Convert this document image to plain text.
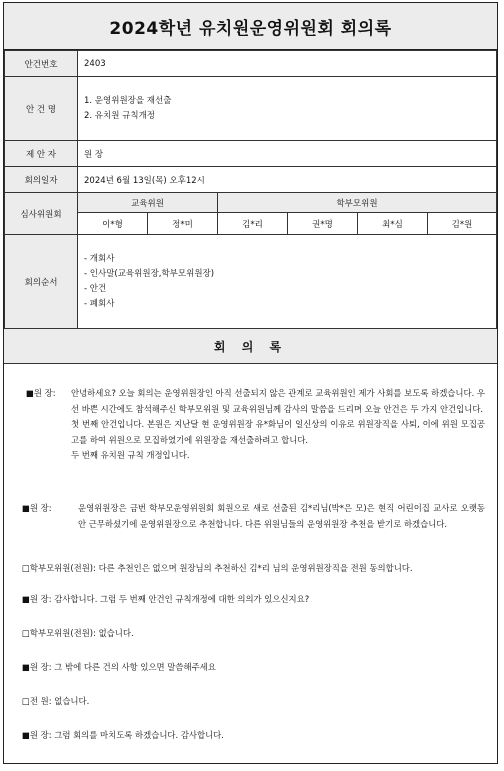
2024학년 유치원운영위원회 회의록
안건번호	2403					
안 건 명	1. 운영위원장을 재선출
2. 유치원 규칙개정					

제 안 자	원 장					
회의일자	2024년 6월 13일(목) 오후12시					
심사위원회	교육위원		학부모위원			
	이*형	정*미	김*리	권*명	최*심	김*원
회의순서	- 개회사
- 인사말(교육위원장,학부모위원장)
- 안건
- 폐회사					
회 의 록
■원 장: 안녕하세요? 오늘 회의는 운영위원장인 아직 선출되지 않은 관계로 교육위원인 제가 사회를 보도록 하겠습니다. 우선 바쁜 시간에도 참석해주신 학부모위원 및 교육위원님께 감사의 말씀을 드리며 오늘 안건은 두 가지 안건입니다.
첫 번째 안건입니다. 본원은 지난달 현 운영위원장 유*화님이 일신상의 이유로 위원장직을 사퇴, 이에 위원 모집공고를 하여 위원으로 모집하였기에 위원장을 재선출하려고 합니다.
두 번째 유치원 규칙 개정입니다.
■원 장:	운영위원장은 금번 학부모운영위원회 회원으로 새로 선출된 김*리님(박*은 모)은 현직 어린이집 교사로 오랫동안 근무하셨기에 운영위원장으로 추천합니다. 다른 위원님들의 운영위원장 추천을 받기로 하겠습니다.
□학부모위원(전원): 다른 추천인은 없으며 원장님의 추천하신 김*리 님의 운영위원장직을 전원 동의합니다.
■원 장: 감사합니다. 그럼 두 번째 안건인 규칙개정에 대한 의의가 있으신지요?
□학부모위원(전원): 없습니다.
■원 장: 그 밖에 다른 건의 사항 있으면 말씀해주세요
□전 원: 없습니다.
■원 장: 그럼 회의를 마치도록 하겠습니다. 감사합니다.
